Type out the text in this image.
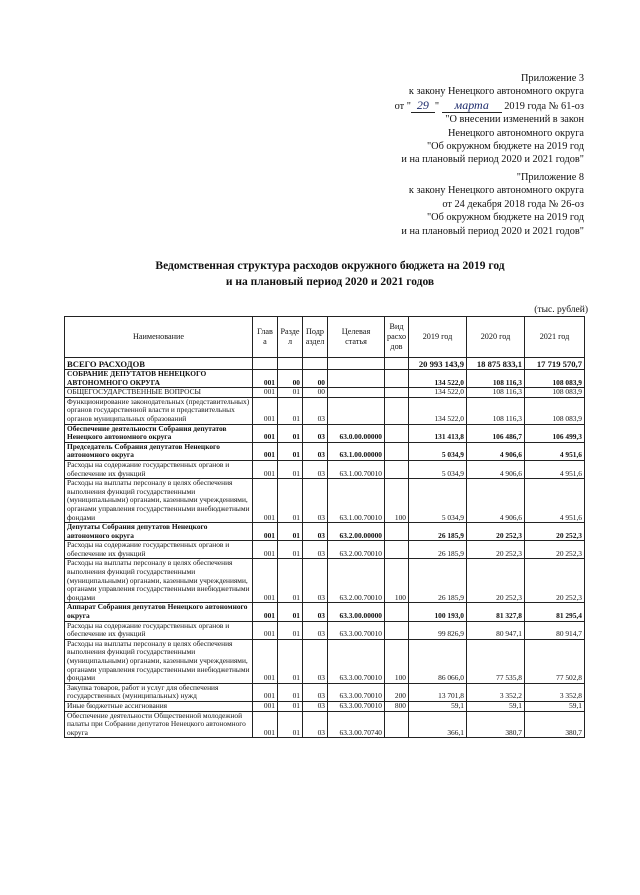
Приложение 3
к закону Ненецкого автономного округа
от " 29 " марта 2019 года № 61-оз
"О внесении изменений в закон
Ненецкого автономного округа
"Об окружном бюджете на 2019 год
и на плановый период 2020 и 2021 годов"
"Приложение 8
к закону Ненецкого автономного округа
от 24 декабря 2018 года № 26-оз
"Об окружном бюджете на 2019 год
и на плановый период 2020 и 2021 годов"
Ведомственная структура расходов окружного бюджета на 2019 год
и на плановый период 2020 и 2021 годов
(тыс. рублей)
Наименование	Глав а	Разде л	Подр аздел	Целевая статья	Вид расхо дов	2019 год	2020 год	2021 год
ВСЕГО РАСХОДОВ						20 993 143,9	18 875 833,1	17 719 570,7
СОБРАНИЕ ДЕПУТАТОВ НЕНЕЦКОГО АВТОНОМНОГО ОКРУГА	001	00	00			134 522,0	108 116,3	108 083,9
ОБЩЕГОСУДАРСТВЕННЫЕ ВОПРОСЫ	001	01	00			134 522,0	108 116,3	108 083,9
Функционирование законодательных (представительных) органов государственной власти и представительных органов муниципальных образований	001	01	03			134 522,0	108 116,3	108 083,9
Обеспечение деятельности Собрания депутатов Ненецкого автономного округа	001	01	03	63.0.00.00000		131 413,8	106 486,7	106 499,3
Председатель Собрания депутатов Ненецкого автономного округа	001	01	03	63.1.00.00000		5 034,9	4 906,6	4 951,6
Расходы на содержание государственных органов и обеспечение их функций	001	01	03	63.1.00.70010		5 034,9	4 906,6	4 951,6
Расходы на выплаты персоналу в целях обеспечения выполнения функций государственными (муниципальными) органами, казенными учреждениями, органами управления государственными внебюджетными фондами	001	01	03	63.1.00.70010	100	5 034,9	4 906,6	4 951,6
Депутаты Собрания депутатов Ненецкого автономного округа	001	01	03	63.2.00.00000		26 185,9	20 252,3	20 252,3
Расходы на содержание государственных органов и обеспечение их функций	001	01	03	63.2.00.70010		26 185,9	20 252,3	20 252,3
Расходы на выплаты персоналу в целях обеспечения выполнения функций государственными (муниципальными) органами, казенными учреждениями, органами управления государственными внебюджетными фондами	001	01	03	63.2.00.70010	100	26 185,9	20 252,3	20 252,3
Аппарат Собрания депутатов Ненецкого автономного округа	001	01	03	63.3.00.00000		100 193,0	81 327,8	81 295,4
Расходы на содержание государственных органов и обеспечение их функций	001	01	03	63.3.00.70010		99 826,9	80 947,1	80 914,7
Расходы на выплаты персоналу в целях обеспечения выполнения функций государственными (муниципальными) органами, казенными учреждениями, органами управления государственными внебюджетными фондами	001	01	03	63.3.00.70010	100	86 066,0	77 535,8	77 502,8
Закупка товаров, работ и услуг для обеспечения государственных (муниципальных) нужд	001	01	03	63.3.00.70010	200	13 701,8	3 352,2	3 352,8
Иные бюджетные ассигнования	001	01	03	63.3.00.70010	800	59,1	59,1	59,1
Обеспечение деятельности Общественной молодежной палаты при Собрании депутатов Ненецкого автономного округа	001	01	03	63.3.00.70740		366,1	380,7	380,7
